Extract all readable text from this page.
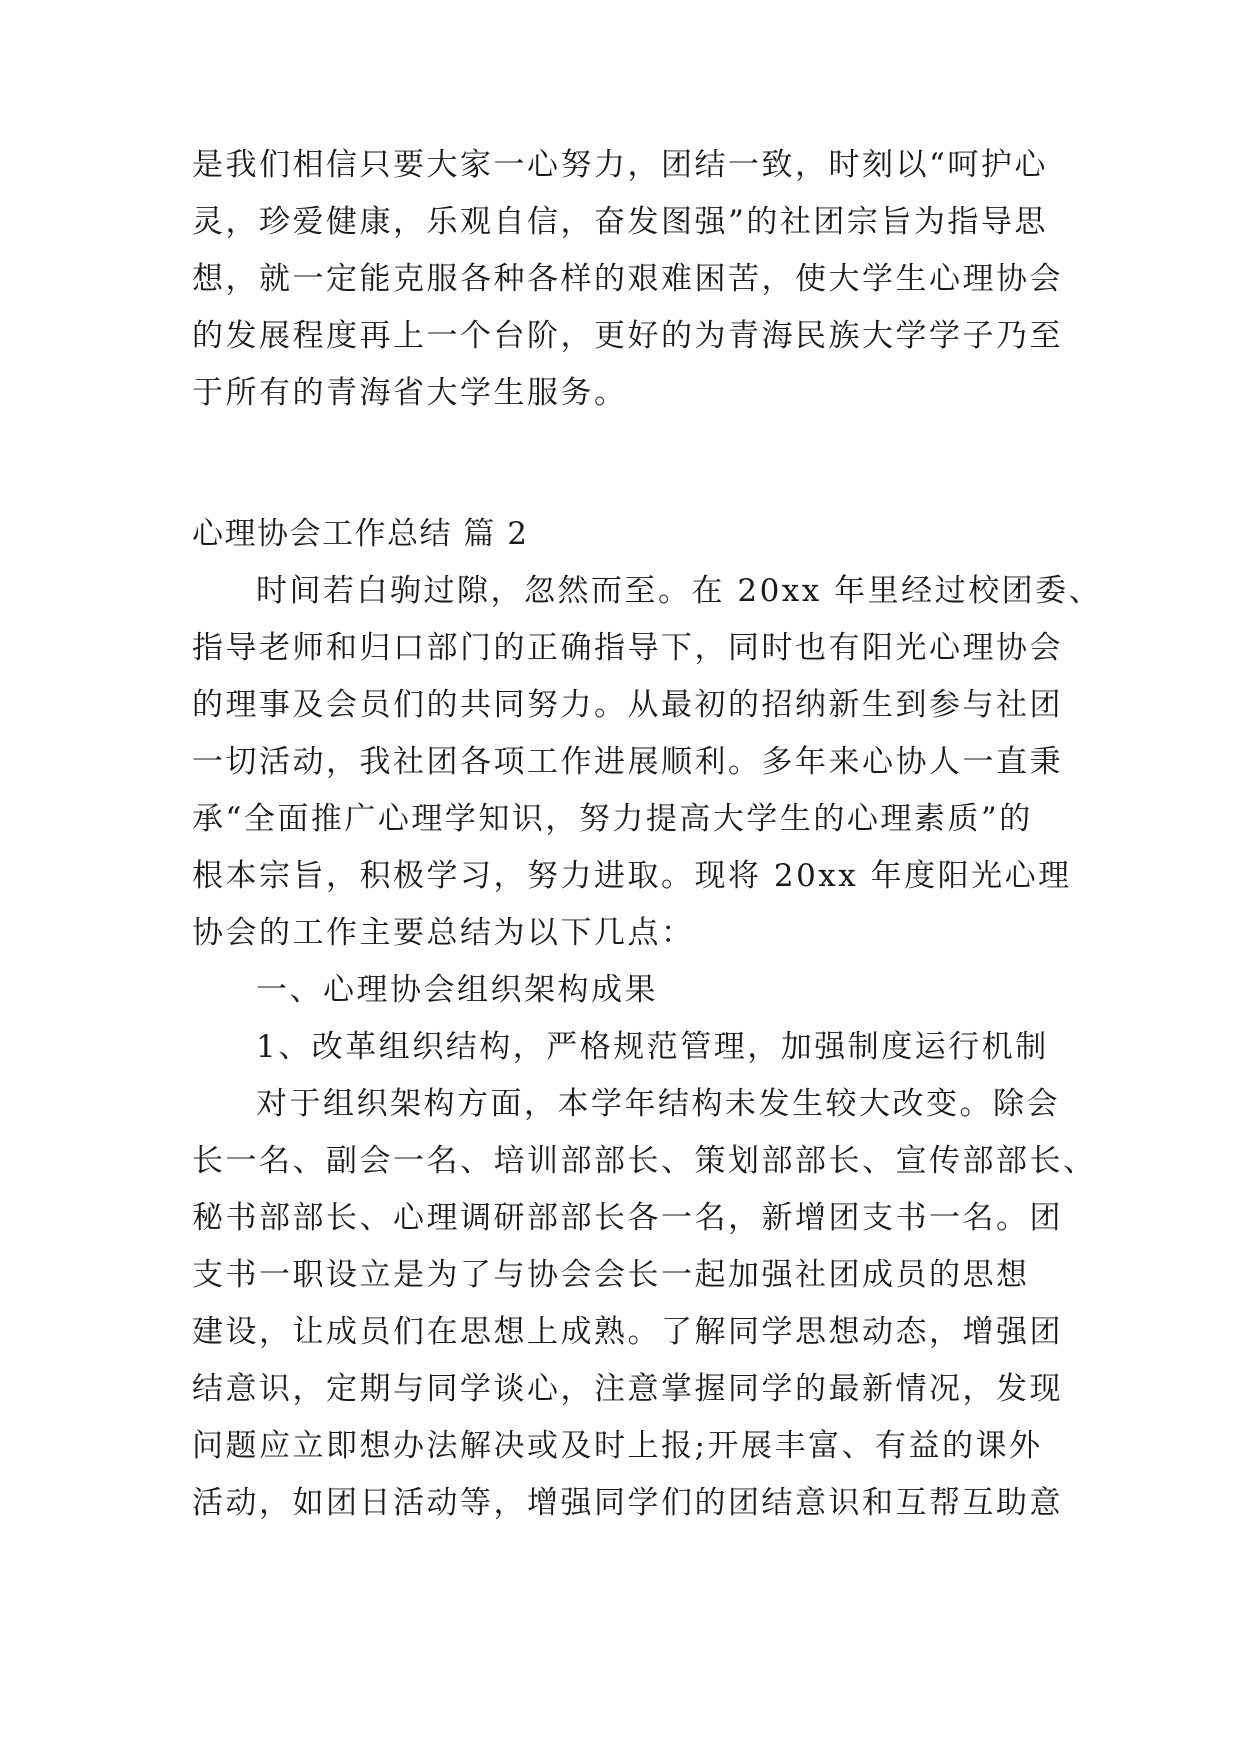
是我们相信只要大家一心努力，团结一致，时刻以“呵护心
灵，珍爱健康，乐观自信，奋发图强”的社团宗旨为指导思
想，就一定能克服各种各样的艰难困苦，使大学生心理协会
的发展程度再上一个台阶，更好的为青海民族大学学子乃至
于所有的青海省大学生服务。
心理协会工作总结 篇 2
时间若白驹过隙，忽然而至。在 20xx 年里经过校团委、
指导老师和归口部门的正确指导下，同时也有阳光心理协会
的理事及会员们的共同努力。从最初的招纳新生到参与社团
一切活动，我社团各项工作进展顺利。多年来心协人一直秉
承“全面推广心理学知识，努力提高大学生的心理素质”的
根本宗旨，积极学习，努力进取。现将 20xx 年度阳光心理
协会的工作主要总结为以下几点：
一、心理协会组织架构成果
1、改革组织结构，严格规范管理，加强制度运行机制
对于组织架构方面，本学年结构未发生较大改变。除会
长一名、副会一名、培训部部长、策划部部长、宣传部部长、
秘书部部长、心理调研部部长各一名，新增团支书一名。团
支书一职设立是为了与协会会长一起加强社团成员的思想
建设，让成员们在思想上成熟。了解同学思想动态，增强团
结意识，定期与同学谈心，注意掌握同学的最新情况，发现
问题应立即想办法解决或及时上报;开展丰富、有益的课外
活动，如团日活动等，增强同学们的团结意识和互帮互助意
